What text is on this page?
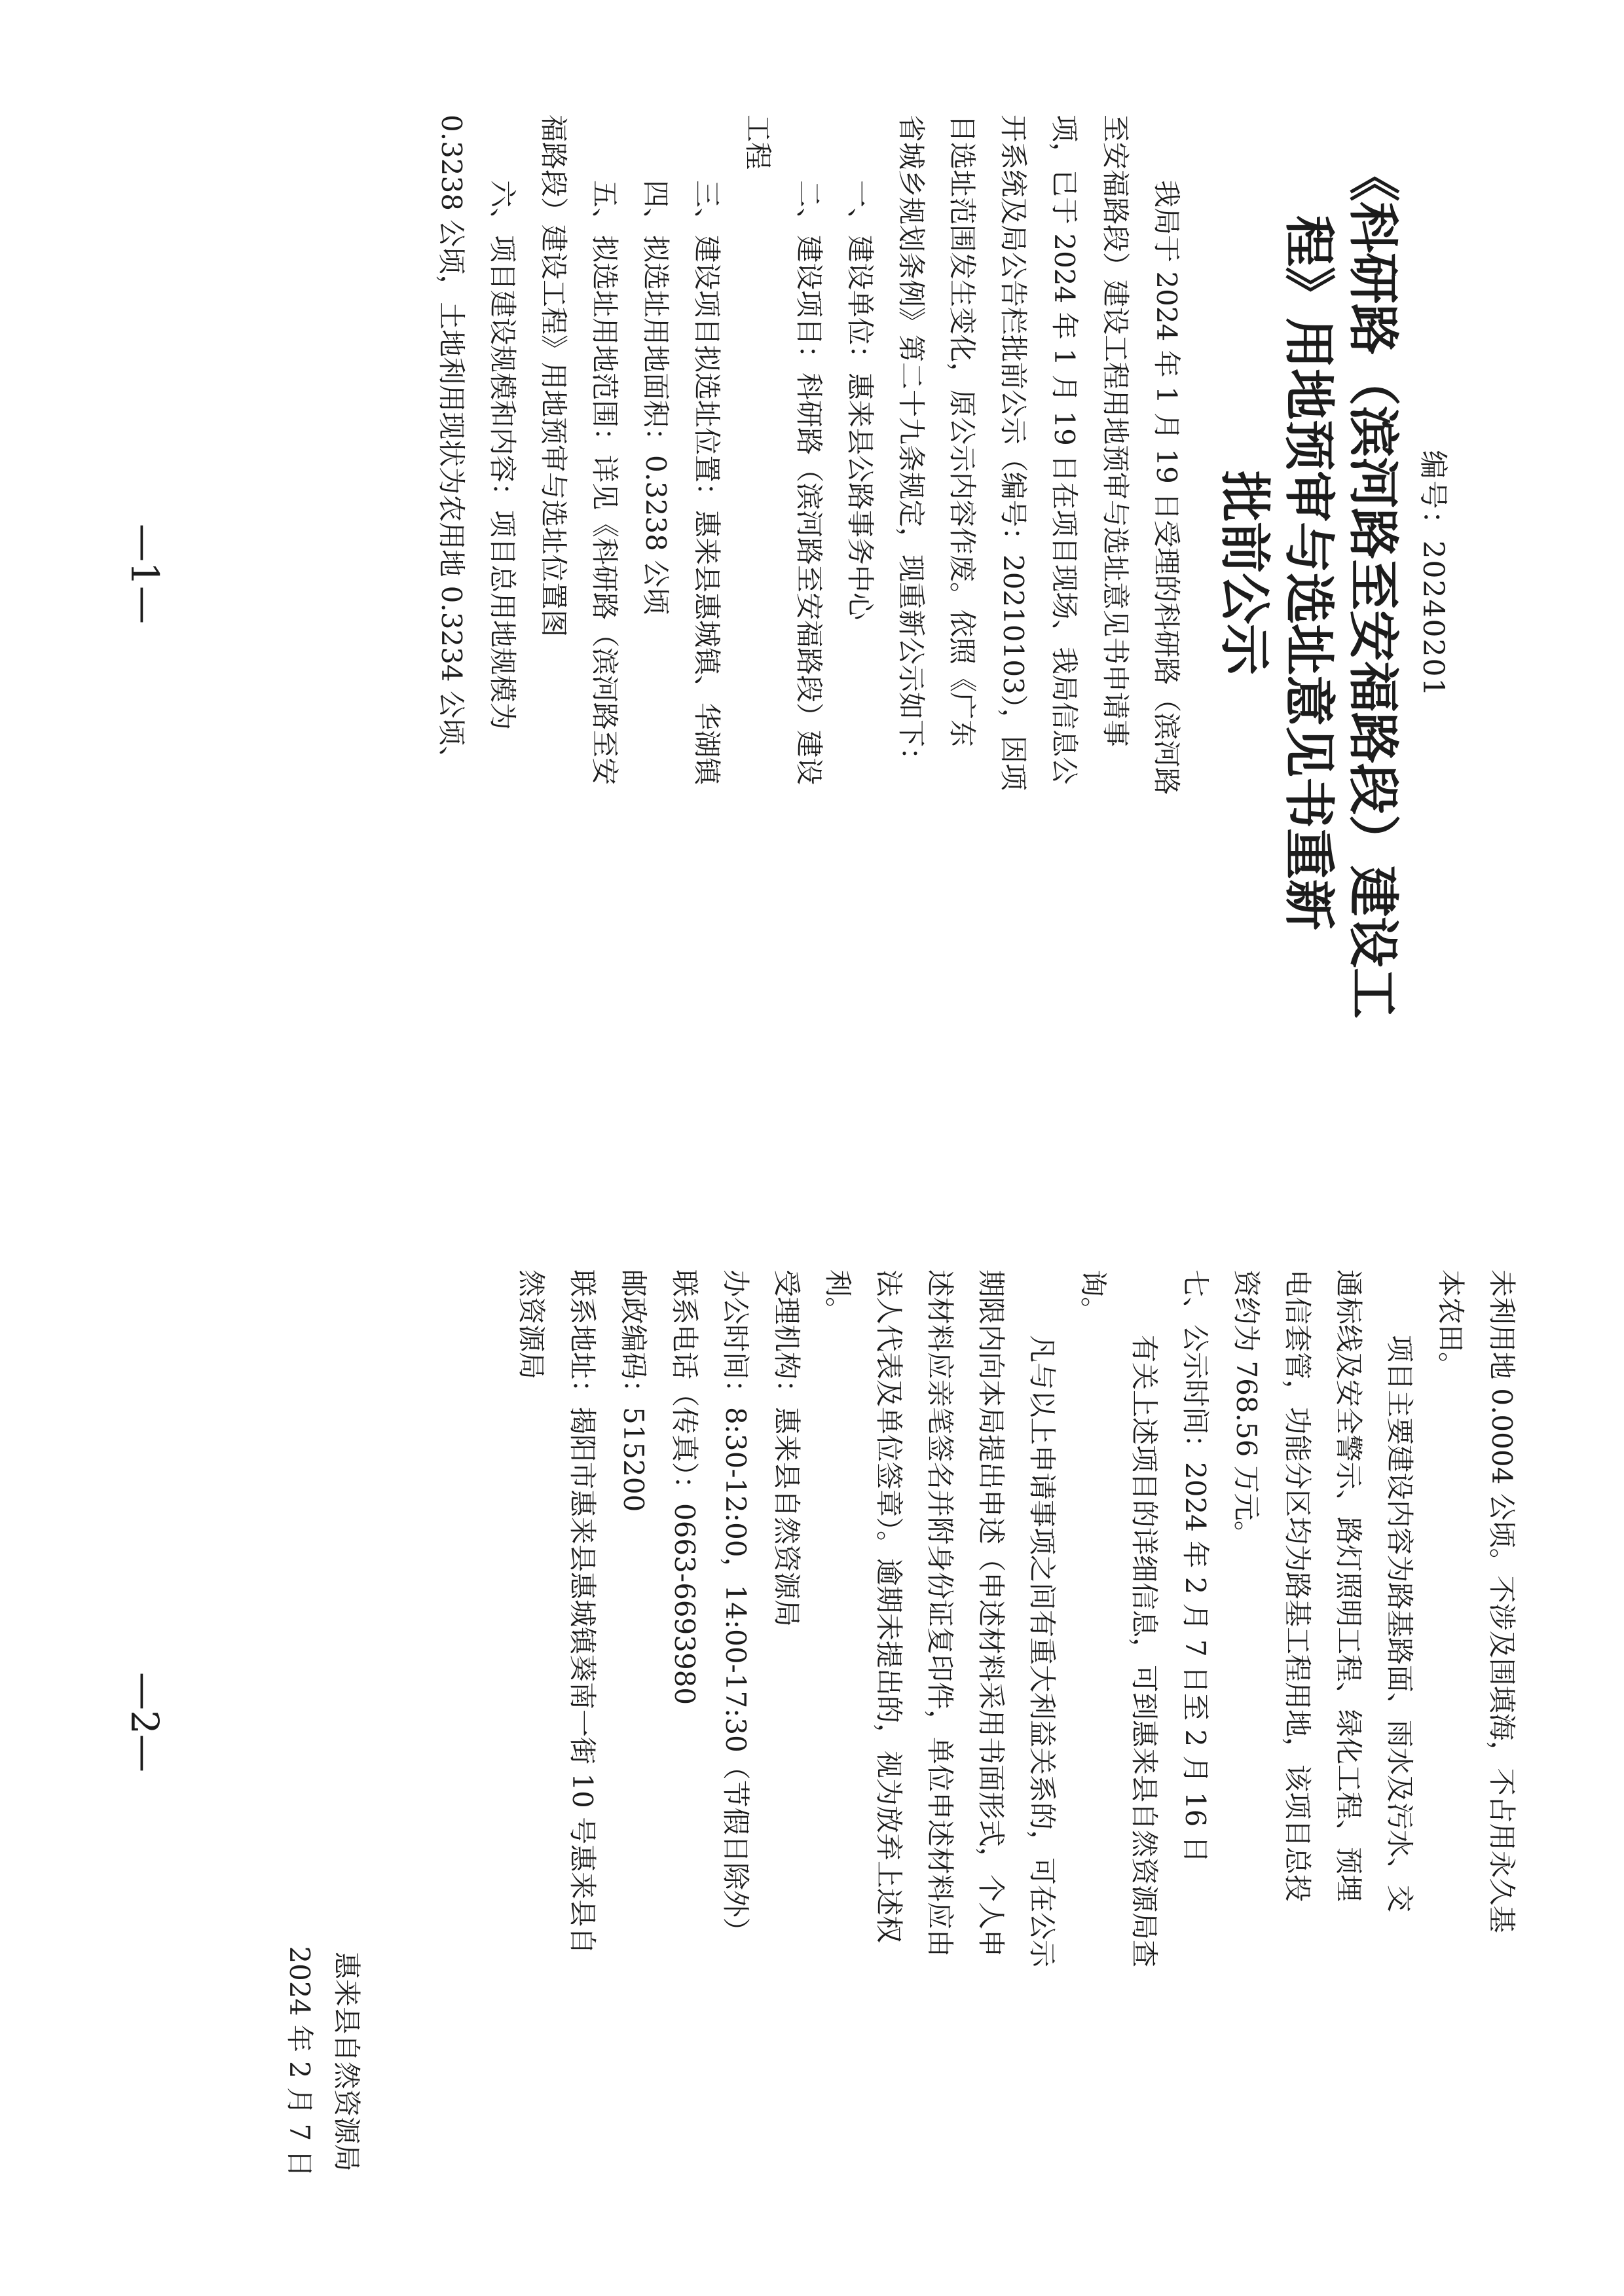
编号：20240201
《科研路（滨河路至安福路段）建设工
程》用地预审与选址意见书重新
批前公示

我局于 2024 年 1 月 19 日受理的科研路（滨河路

至安福路段）建设工程用地预审与选址意见书申请事

项，已于 2024 年 1 月 19 日在项目现场、我局信息公

开系统及局公告栏批前公示（编号：20210103），因项

目选址范围发生变化，原公示内容作废。依照《广东

省城乡规划条例》第二十九条规定，现重新公示如下：

一、建设单位：惠来县公路事务中心

二、建设项目：科研路（滨河路至安福路段）建设

工程

三、建设项目拟选址位置：惠来县惠城镇、华湖镇

四、拟选址用地面积：0.3238 公顷

五、拟选址用地范围：详见《科研路（滨河路至安

福路段）建设工程》用地预审与选址位置图

六、项目建设规模和内容：项目总用地规模为

0.3238 公顷，土地利用现状为农用地 0.3234 公顷、

—1—

未利用地 0.0004 公顷。不涉及围填海，不占用永久基

本农田。

项目主要建设内容为路基路面、雨水及污水、交

通标线及安全警示、路灯照明工程、绿化工程、预埋

电信套管，功能分区均为路基工程用地，该项目总投

资约为 768.56 万元。

七、公示时间：2024 年 2 月 7 日至 2 月 16 日

有关上述项目的详细信息，可到惠来县自然资源局查

询。

凡与以上申请事项之间有重大利益关系的，可在公示

期限内向本局提出申述（申述材料采用书面形式，个人申

述材料应亲笔签名并附身份证复印件，单位申述材料应由

法人代表及单位签章）。逾期未提出的，视为放弃上述权

利。

受理机构：惠来县自然资源局

办公时间：8:30-12:00，14:00-17:30（节假日除外）

联系电话（传真）：0663-6693980

邮政编码：515200

联系地址：揭阳市惠来县惠城镇葵南一街 10 号惠来县自

然资源局

惠来县自然资源局
2024 年 2 月 7 日
—2—
